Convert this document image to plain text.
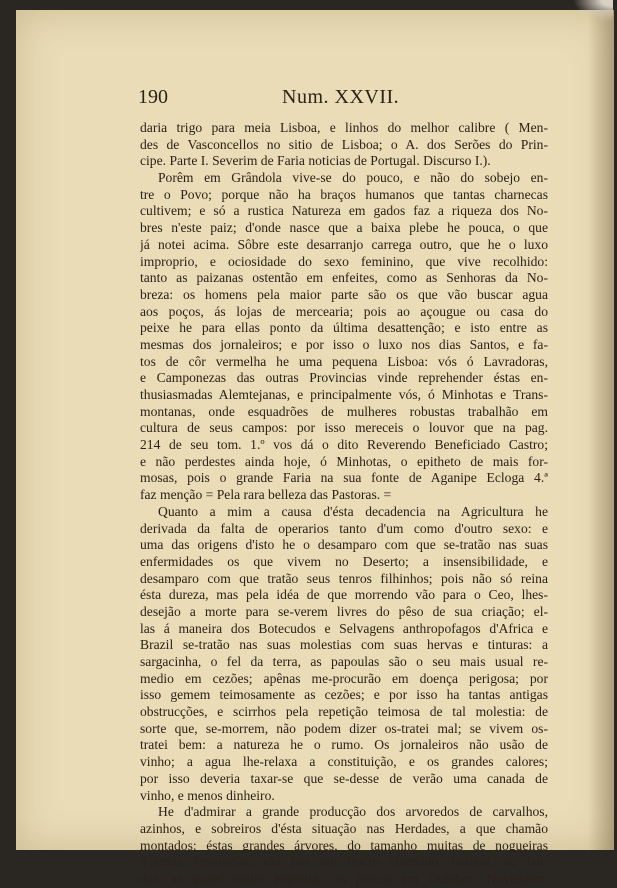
190	Num. XXVII.
daria trigo para meia Lisboa, e linhos do melhor calibre ( Men-
des de Vasconcellos no sitio de Lisboa; o A. dos Serões do Prin-
cipe. Parte I. Severim de Faria noticias de Portugal. Discurso I.).
Porêm em Grândola vive-se do pouco, e não do sobejo en-
tre o Povo; porque não ha braços humanos que tantas charnecas
cultivem; e só a rustica Natureza em gados faz a riqueza dos No-
bres n'este paiz; d'onde nasce que a baixa plebe he pouca, o que
já notei acima. Sôbre este desarranjo carrega outro, que he o luxo
improprio, e ociosidade do sexo feminino, que vive recolhido:
tanto as paizanas ostentão em enfeites, como as Senhoras da No-
breza: os homens pela maior parte são os que vão buscar agua
aos poços, ás lojas de mercearia; pois ao açougue ou casa do
peixe he para ellas ponto da última desattenção; e isto entre as
mesmas dos jornaleiros; e por isso o luxo nos dias Santos, e fa-
tos de côr vermelha he uma pequena Lisboa: vós ó Lavradoras,
e Camponezas das outras Provincias vinde reprehender éstas en-
thusiasmadas Alemtejanas, e principalmente vós, ó Minhotas e Trans-
montanas, onde esquadrões de mulheres robustas trabalhão em
cultura de seus campos: por isso mereceis o louvor que na pag.
214 de seu tom. 1.º vos dá o dito Reverendo Beneficiado Castro;
e não perdestes ainda hoje, ó Minhotas, o epitheto de mais for-
mosas, pois o grande Faria na sua fonte de Aganipe Ecloga 4.ª
faz menção = Pela rara belleza das Pastoras. =
Quanto a mim a causa d'ésta decadencia na Agricultura he
derivada da falta de operarios tanto d'um como d'outro sexo: e
uma das origens d'isto he o desamparo com que se-tratão nas suas
enfermidades os que vivem no Deserto; a insensibilidade, e
desamparo com que tratão seus tenros filhinhos; pois não só reina
ésta dureza, mas pela idéa de que morrendo vão para o Ceo, lhes-
desejão a morte para se-verem livres do pêso de sua criação; el-
las á maneira dos Botecudos e Selvagens anthropofagos d'Africa e
Brazil se-tratão nas suas molestias com suas hervas e tinturas: a
sargacinha, o fel da terra, as papoulas são o seu mais usual re-
medio em cezões; apênas me-procurão em doença perigosa; por
isso gemem teimosamente as cezões; e por isso ha tantas antigas
obstrucções, e scirrhos pela repetição teimosa de tal molestia: de
sorte que, se-morrem, não podem dizer os-tratei mal; se vivem os-
tratei bem: a natureza he o rumo. Os jornaleiros não usão de
vinho; a agua lhe-relaxa a constituição, e os grandes calores;
por isso deveria taxar-se que se-desse de verão uma canada de
vinho, e menos dinheiro.
He d'admirar a grande producção dos arvoredos de carvalhos,
azinhos, e sobreiros d'ésta situação nas Herdades, a que chamão
montados: éstas grandes árvores, do tamanho muitas de nogueiras
d'outras Provincias, são por seu fructo chamado, boletas, ou lan-
des, as quaes muito engordão os porcos em Outubro, Novembro,
